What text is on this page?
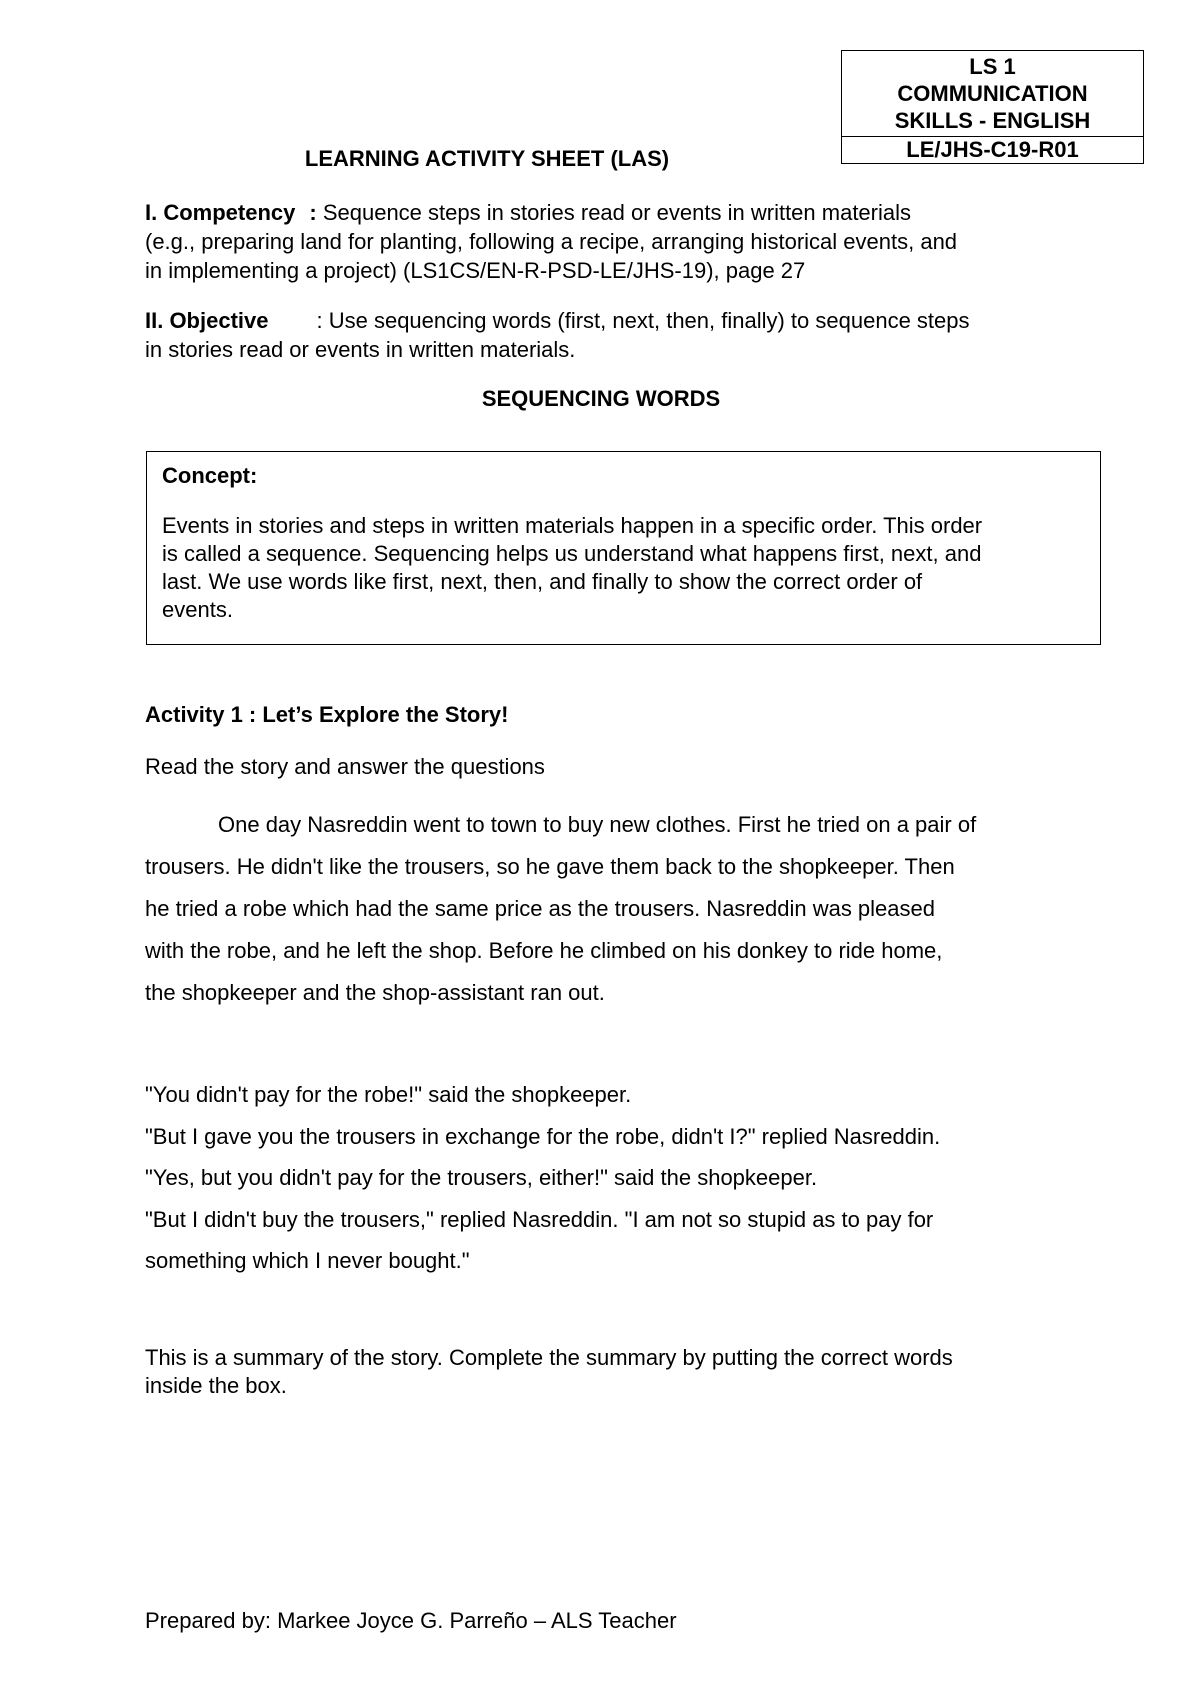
LS 1
COMMUNICATION
SKILLS - ENGLISH
LE/JHS-C19-R01
LEARNING ACTIVITY SHEET (LAS)
I. Competency : Sequence steps in stories read or events in written materials
(e.g., preparing land for planting, following a recipe, arranging historical events, and
in implementing a project) (LS1CS/EN-R-PSD-LE/JHS-19), page 27
II. Objective : Use sequencing words (first, next, then, finally) to sequence steps
in stories read or events in written materials.
SEQUENCING WORDS
Concept:
Events in stories and steps in written materials happen in a specific order. This order
is called a sequence. Sequencing helps us understand what happens first, next, and
last. We use words like first, next, then, and finally to show the correct order of
events.
Activity 1 : Let’s Explore the Story!
Read the story and answer the questions
One day Nasreddin went to town to buy new clothes. First he tried on a pair of
trousers. He didn't like the trousers, so he gave them back to the shopkeeper. Then
he tried a robe which had the same price as the trousers. Nasreddin was pleased
with the robe, and he left the shop. Before he climbed on his donkey to ride home,
the shopkeeper and the shop-assistant ran out.
"You didn't pay for the robe!" said the shopkeeper.
"But I gave you the trousers in exchange for the robe, didn't I?" replied Nasreddin.
"Yes, but you didn't pay for the trousers, either!" said the shopkeeper.
"But I didn't buy the trousers," replied Nasreddin. "I am not so stupid as to pay for
something which I never bought."
This is a summary of the story. Complete the summary by putting the correct words
inside the box.
Prepared by: Markee Joyce G. Parreño – ALS Teacher
